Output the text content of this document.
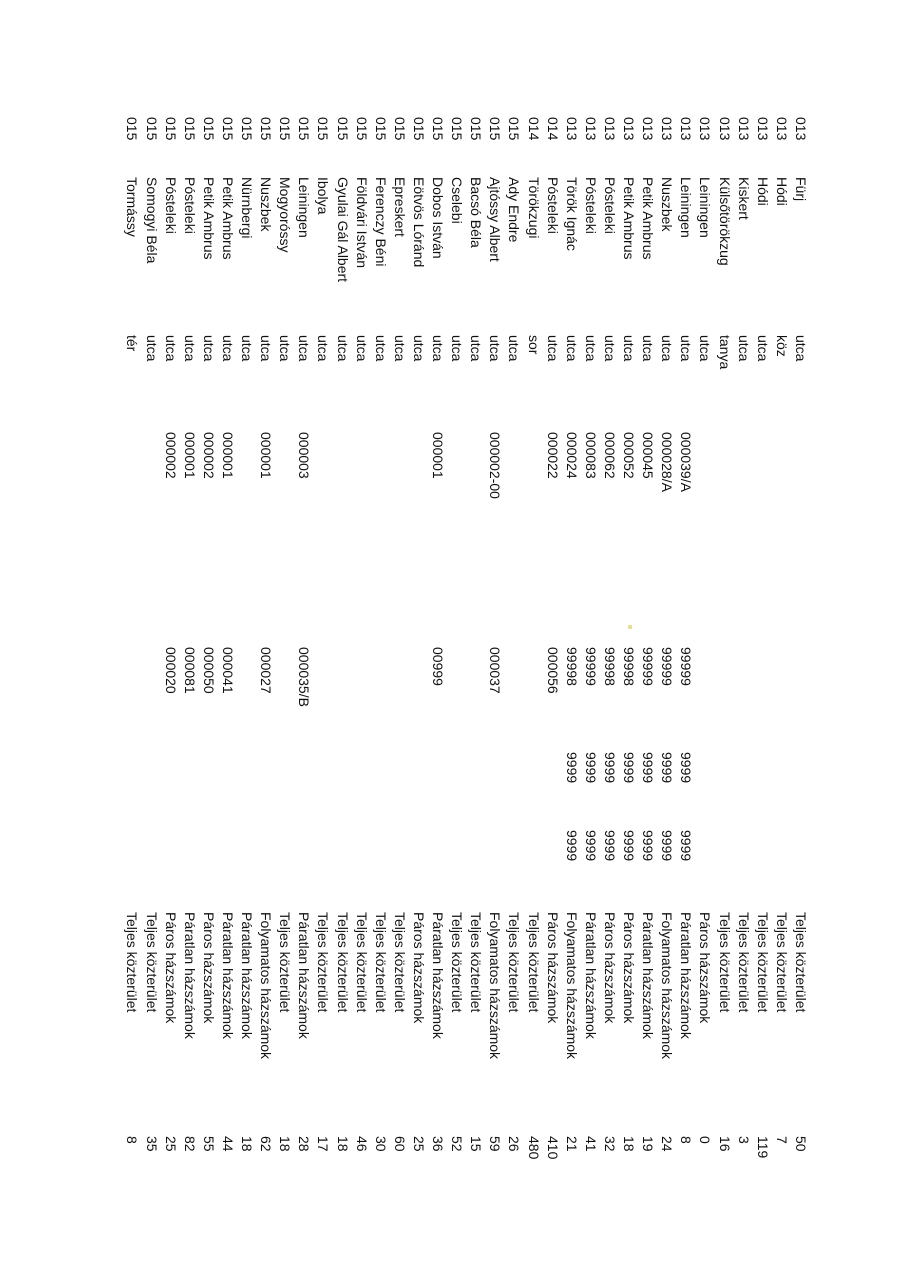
013
Fürj
utca
Teljes közterület
50
013
Hódi
köz
Teljes közterület
7
013
Hódi
utca
Teljes közterület
119
013
Kiskert
utca
Teljes közterület
3
013
Külsőtörökzug
tanya
Teljes közterület
16
013
Leiningen
utca
Páros házszámok
0
013
Leiningen
utca
000039/A
99999
9999
9999
Páratlan házszámok
8
013
Nuszbek
utca
000028/A
99999
9999
9999
Folyamatos házszámok
24
013
Petik Ambrus
utca
000045
99999
9999
9999
Páratlan házszámok
19
013
Petik Ambrus
utca
000052
99998
9999
9999
Páros házszámok
18
013
Pósteleki
utca
000062
99998
9999
9999
Páros házszámok
32
013
Pósteleki
utca
000083
99999
9999
9999
Páratlan házszámok
41
013
Török Ignác
utca
000024
99998
9999
9999
Folyamatos házszámok
21
014
Pósteleki
utca
000022
000056
Páros házszámok
410
014
Törökzugi
sor
Teljes közterület
480
015
Ady Endre
utca
Teljes közterület
26
015
Ajtóssy Albert
utca
000002-00
000037
Folyamatos házszámok
59
015
Bacsó Béla
utca
Teljes közterület
15
015
Cselebi
utca
Teljes közterület
52
015
Dobos István
utca
000001
00999
Páratlan házszámok
36
015
Eötvös Lóránd
utca
Páros házszámok
25
015
Epreskert
utca
Teljes közterület
60
015
Ferenczy Béni
utca
Teljes közterület
30
015
Földvári István
utca
Teljes közterület
46
015
Gyulai Gál Albert
utca
Teljes közterület
18
015
Ibolya
utca
Teljes közterület
17
015
Leiningen
utca
000003
000035/B
Páratlan házszámok
28
015
Mogyoróssy
utca
Teljes közterület
18
015
Nuszbek
utca
000001
000027
Folyamatos házszámok
62
015
Nürnbergi
utca
Páratlan házszámok
18
015
Petik Ambrus
utca
000001
000041
Páratlan házszámok
44
015
Petik Ambrus
utca
000002
000050
Páros házszámok
55
015
Pósteleki
utca
000001
000081
Páratlan házszámok
82
015
Pósteleki
utca
000002
000020
Páros házszámok
25
015
Somogyi Béla
utca
Teljes közterület
35
015
Tormássy
tér
Teljes közterület
8
